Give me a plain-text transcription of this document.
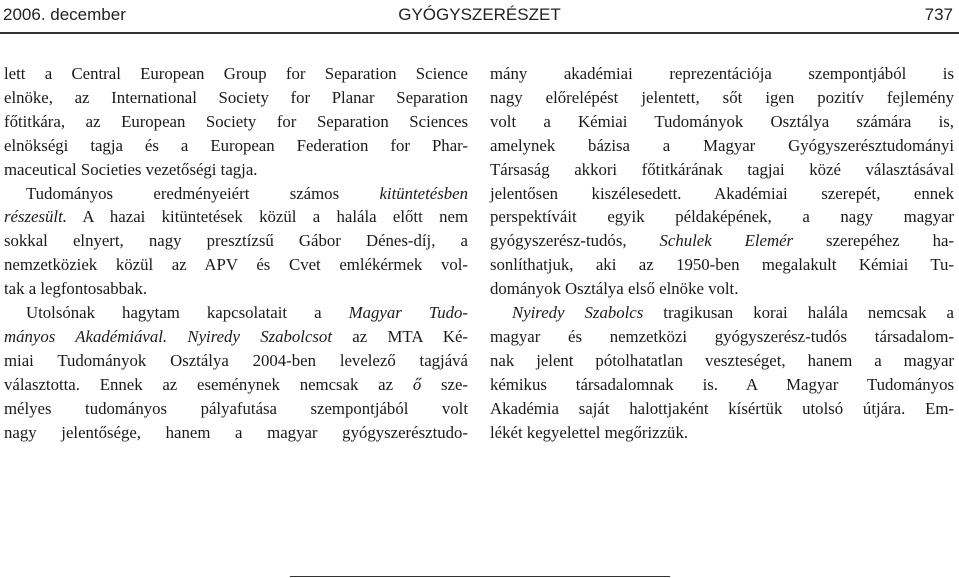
2006. december	GYÓGYSZERÉSZET	737
lett a Central European Group for Separation Science
elnöke, az International Society for Planar Separation
főtitkára, az European Society for Separation Sciences
elnökségi tagja és a European Federation for Phar-
maceutical Societies vezetőségi tagja.
Tudományos eredményeiért számos kitüntetésben
részesült. A hazai kitüntetések közül a halála előtt nem
sokkal elnyert, nagy presztízsű Gábor Dénes-díj, a
nemzetköziek közül az APV és Cvet emlékérmek vol-
tak a legfontosabbak.
Utolsónak hagytam kapcsolatait a Magyar Tudo-
mányos Akadémiával. Nyiredy Szabolcsot az MTA Ké-
miai Tudományok Osztálya 2004-ben levelező tagjává
választotta. Ennek az eseménynek nemcsak az ő sze-
mélyes tudományos pályafutása szempontjából volt
nagy jelentősége, hanem a magyar gyógyszerésztudo-
mány akadémiai reprezentációja szempontjából is
nagy előrelépést jelentett, sőt igen pozitív fejlemény
volt a Kémiai Tudományok Osztálya számára is,
amelynek bázisa a Magyar Gyógyszerésztudományi
Társaság akkori főtitkárának tagjai közé választásával
jelentősen kiszélesedett. Akadémiai szerepét, ennek
perspektíváit egyik példaképének, a nagy magyar
gyógyszerész-tudós, Schulek Elemér szerepéhez ha-
sonlíthatjuk, aki az 1950-ben megalakult Kémiai Tu-
dományok Osztálya első elnöke volt.
Nyiredy Szabolcs tragikusan korai halála nemcsak a
magyar és nemzetközi gyógyszerész-tudós társadalom-
nak jelent pótolhatatlan veszteséget, hanem a magyar
kémikus társadalomnak is. A Magyar Tudományos
Akadémia saját halottjaként kísértük utolsó útjára. Em-
lékét kegyelettel megőrizzük.
